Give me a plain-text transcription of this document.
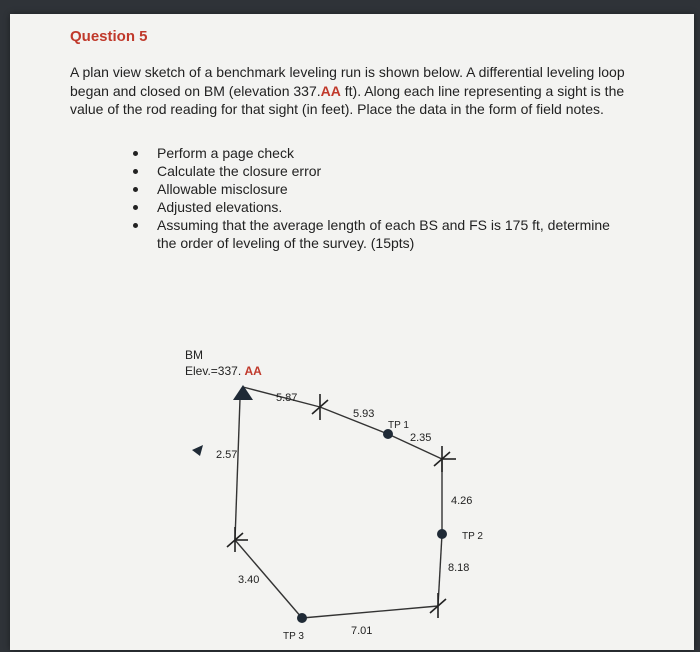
Question 5
A plan view sketch of a benchmark leveling run is shown below. A differential leveling loop began and closed on BM (elevation 337.AA ft). Along each line representing a sight is the value of the rod reading for that sight (in feet). Place the data in the form of field notes.
Perform a page check
Calculate the closure error
Allowable misclosure
Adjusted elevations.
Assuming that the average length of each BS and FS is 175 ft, determine the order of leveling of the survey. (15pts)
BM
Elev.=337. AA
5.87
5.93
2.35
4.26
8.18
7.01
3.40
2.57
TP 1
TP 2
TP 3
